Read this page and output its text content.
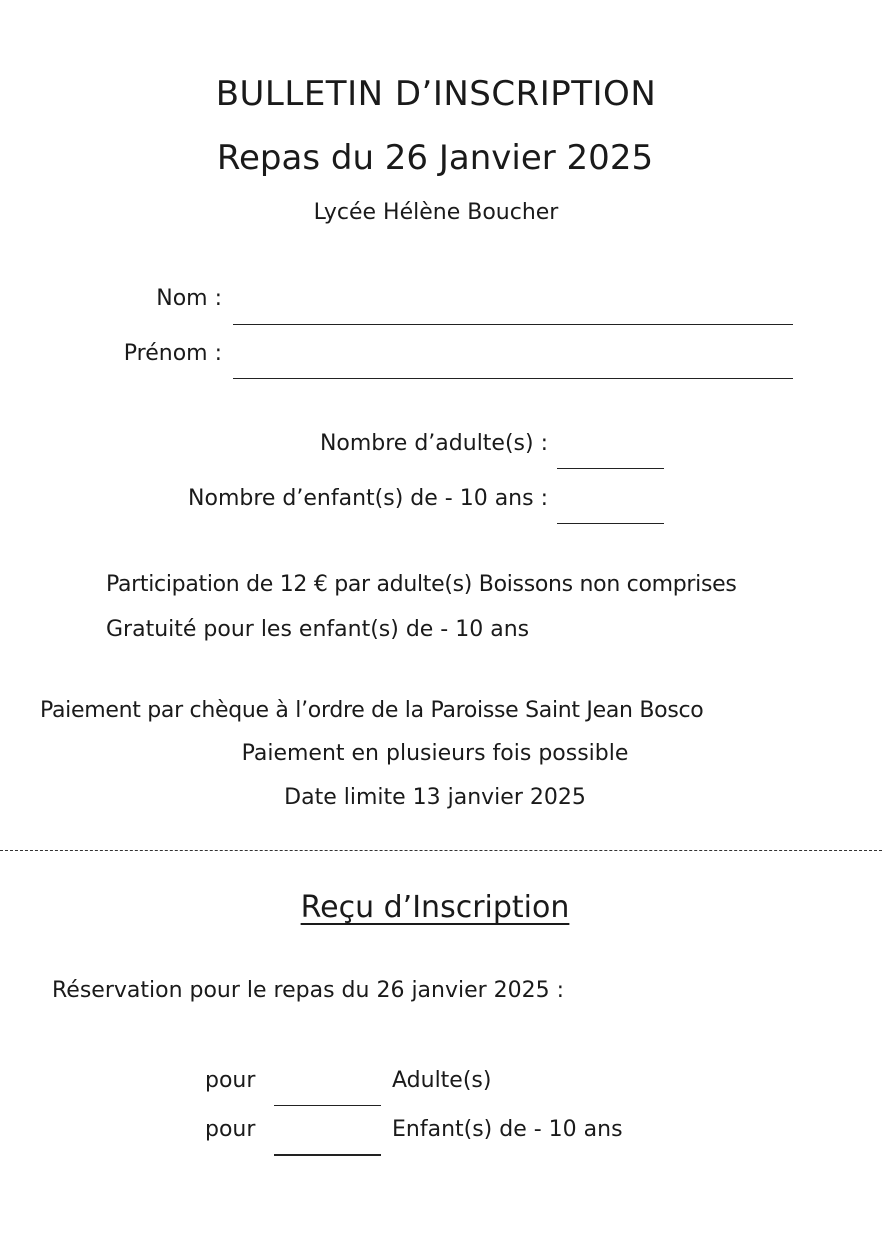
BULLETIN D’INSCRIPTION
Repas du 26 Janvier 2025
Lycée Hélène Boucher
Nom :
Prénom :
Nombre d’adulte(s) :
Nombre d’enfant(s) de - 10 ans :
Participation de 12 € par adulte(s) Boissons non comprises
Gratuité pour les enfant(s) de - 10 ans
Paiement par chèque à l’ordre de la Paroisse Saint Jean Bosco
Paiement en plusieurs fois possible
Date limite 13 janvier 2025
Reçu d’Inscription
Réservation pour le repas du 26 janvier 2025 :
pour	Adulte(s)
pour	Enfant(s) de - 10 ans
